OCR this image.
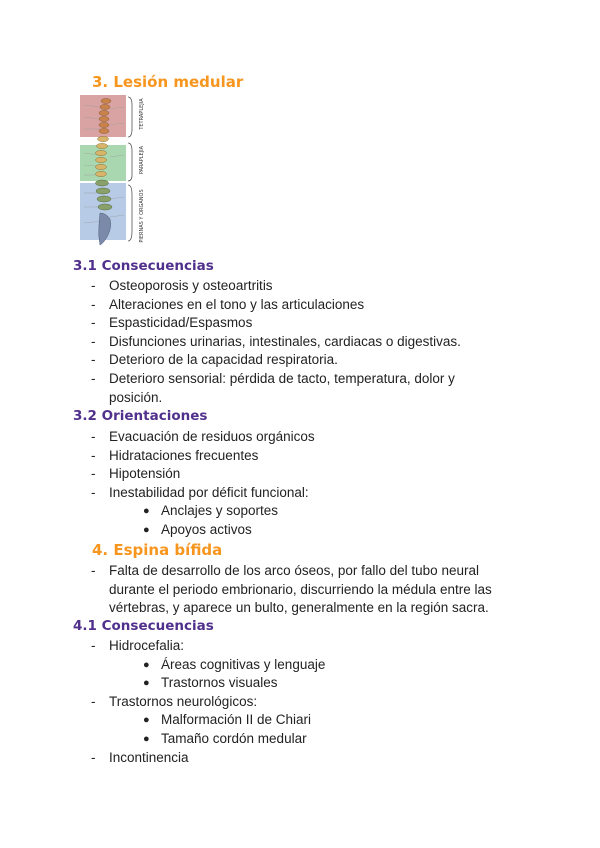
3. Lesión medular
TETRAPLEJIA
PARAPLEJIA
PIERNAS Y ORGANOS
3.1 Consecuencias
- Osteoporosis y osteoartritis
- Alteraciones en el tono y las articulaciones
- Espasticidad/Espasmos
- Disfunciones urinarias, intestinales, cardiacas o digestivas.
- Deterioro de la capacidad respiratoria.
- Deterioro sensorial: pérdida de tacto, temperatura, dolor y posición.
3.2 Orientaciones
- Evacuación de residuos orgánicos
- Hidrataciones frecuentes
- Hipotensión
- Inestabilidad por déficit funcional:
● Anclajes y soportes
● Apoyos activos
4. Espina bífida
- Falta de desarrollo de los arco óseos, por fallo del tubo neural durante el periodo embrionario, discurriendo la médula entre las vértebras, y aparece un bulto, generalmente en la región sacra.
4.1 Consecuencias
- Hidrocefalia:
● Áreas cognitivas y lenguaje
● Trastornos visuales
- Trastornos neurológicos:
● Malformación II de Chiari
● Tamaño cordón medular
- Incontinencia
